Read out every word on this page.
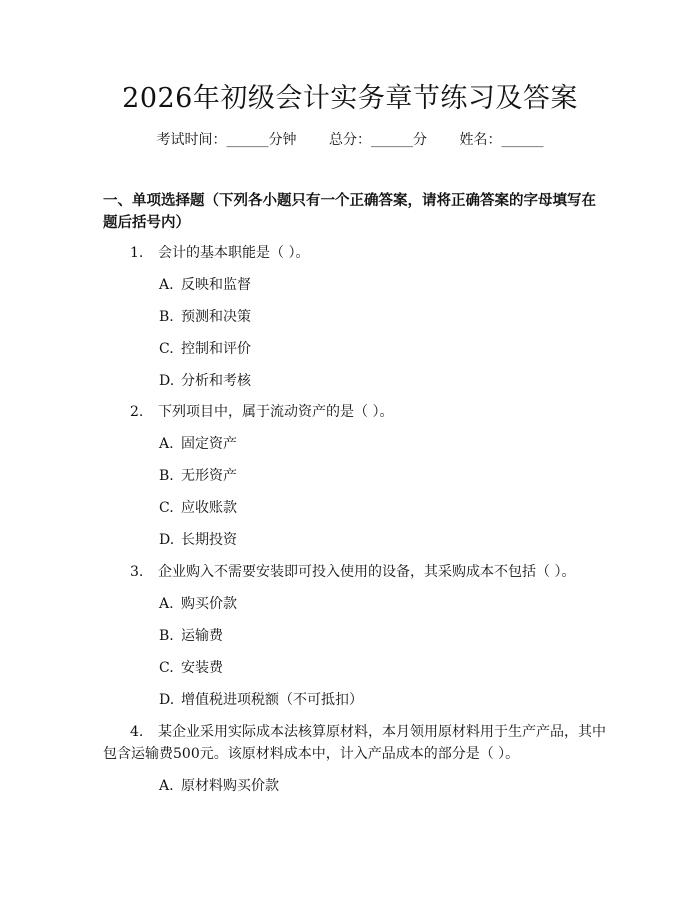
2026年初级会计实务章节练习及答案
考试时间：______分钟 总分：______分 姓名：______
一、单项选择题（下列各小题只有一个正确答案，请将正确答案的字母填写在题后括号内）
1. 会计的基本职能是（ ）。
A. 反映和监督
B. 预测和决策
C. 控制和评价
D. 分析和考核
2. 下列项目中，属于流动资产的是（ ）。
A. 固定资产
B. 无形资产
C. 应收账款
D. 长期投资
3. 企业购入不需要安装即可投入使用的设备，其采购成本不包括（ ）。
A. 购买价款
B. 运输费
C. 安装费
D. 增值税进项税额（不可抵扣）
4. 某企业采用实际成本法核算原材料，本月领用原材料用于生产产品，其中
包含运输费500元。该原材料成本中，计入产品成本的部分是（ ）。
A. 原材料购买价款
